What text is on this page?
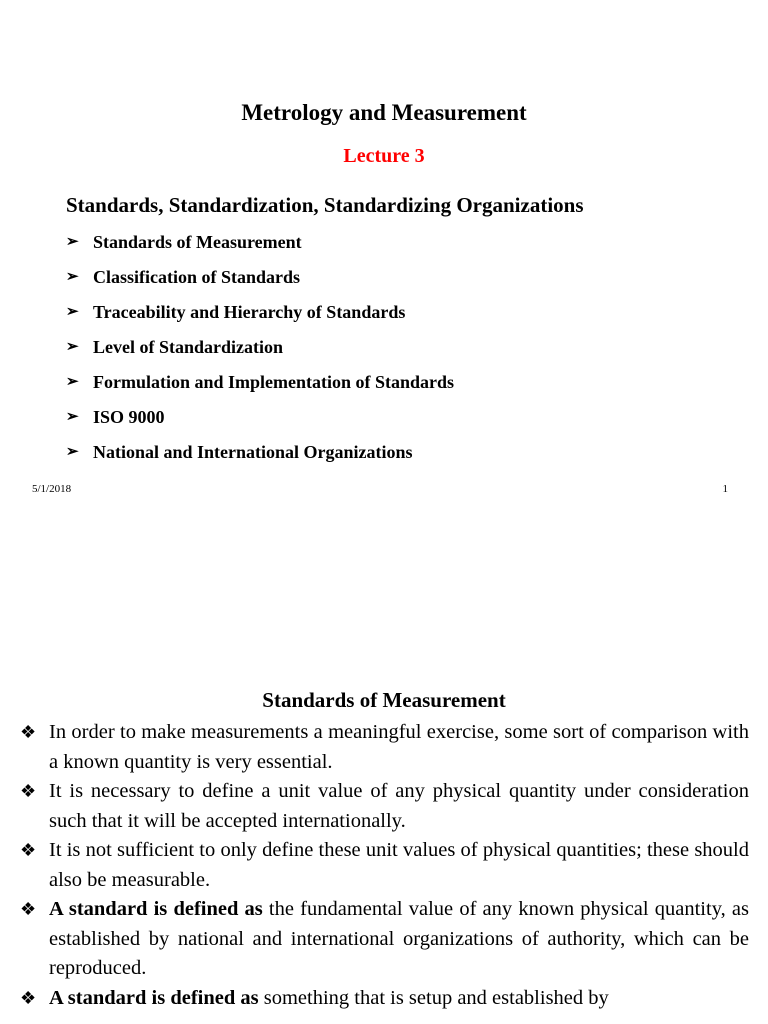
Metrology and Measurement
Lecture 3
Standards, Standardization, Standardizing Organizations
➢ Standards of Measurement
➢ Classification of Standards
➢ Traceability and Hierarchy of Standards
➢ Level of Standardization
➢ Formulation and Implementation of Standards
➢ ISO 9000
➢ National and International Organizations
5/1/2018	1
Standards of Measurement
❖ In order to make measurements a meaningful exercise, some sort of comparison with a known quantity is very essential.
❖ It is necessary to define a unit value of any physical quantity under consideration such that it will be accepted internationally.
❖ It is not sufficient to only define these unit values of physical quantities; these should also be measurable.
❖ A standard is defined as the fundamental value of any known physical quantity, as established by national and international organizations of authority, which can be reproduced.
❖ A standard is defined as something that is setup and established by
